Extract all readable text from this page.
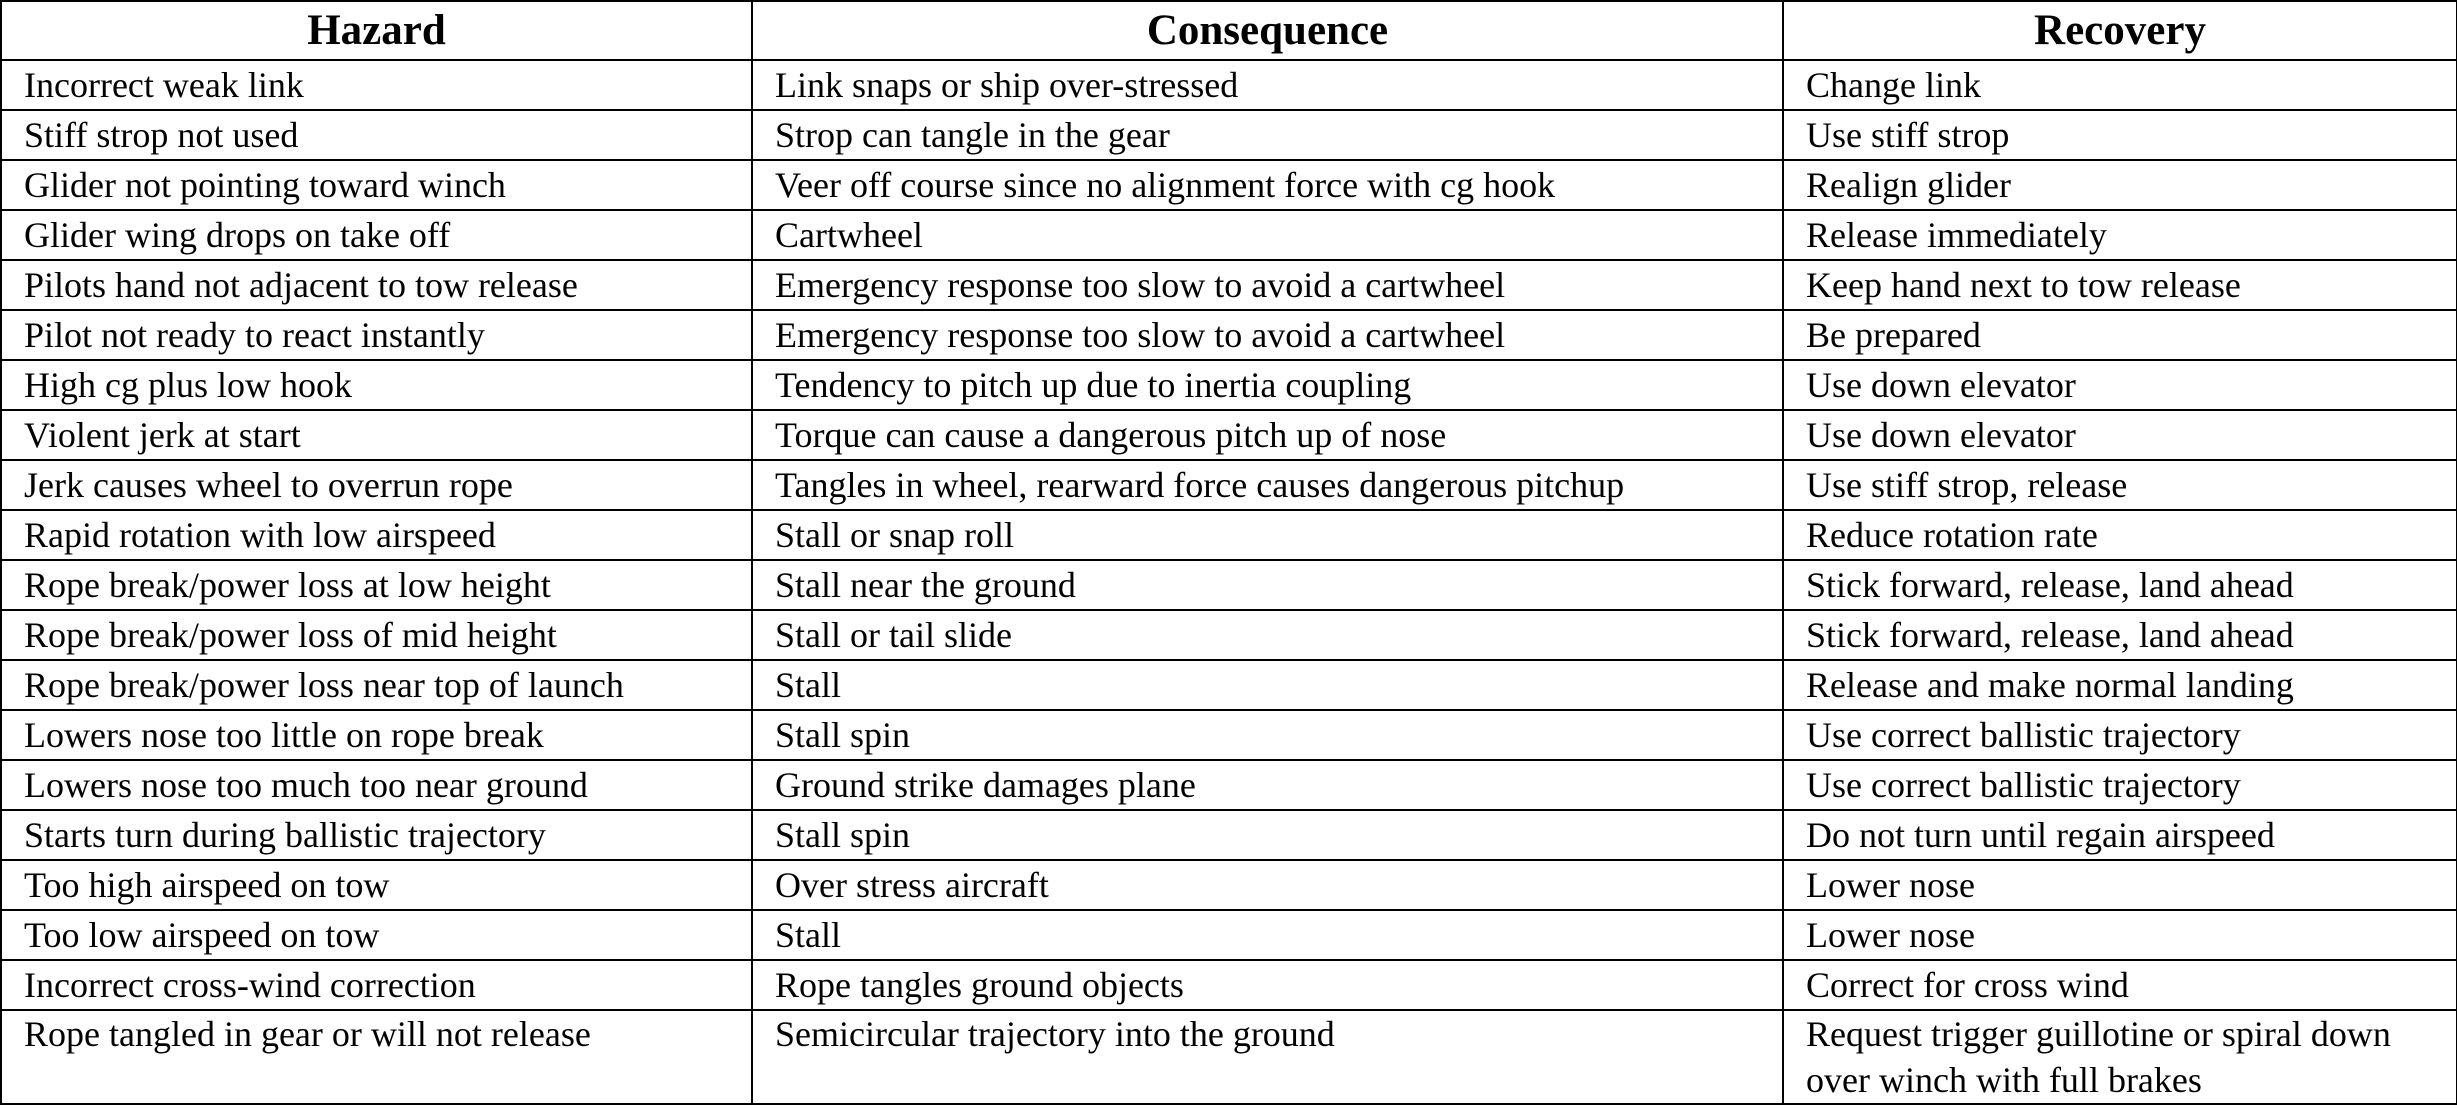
Hazard	Consequence	Recovery
Incorrect weak link	Link snaps or ship over-stressed	Change link
Stiff strop not used	Strop can tangle in the gear	Use stiff strop
Glider not pointing toward winch	Veer off course since no alignment force with cg hook	Realign glider
Glider wing drops on take off	Cartwheel	Release immediately
Pilots hand not adjacent to tow release	Emergency response too slow to avoid a cartwheel	Keep hand next to tow release
Pilot not ready to react instantly	Emergency response too slow to avoid a cartwheel	Be prepared
High cg plus low hook	Tendency to pitch up due to inertia coupling	Use down elevator
Violent jerk at start	Torque can cause a dangerous pitch up of nose	Use down elevator
Jerk causes wheel to overrun rope	Tangles in wheel, rearward force causes dangerous pitchup	Use stiff strop, release
Rapid rotation with low airspeed	Stall or snap roll	Reduce rotation rate
Rope break/power loss at low height	Stall near the ground	Stick forward, release, land ahead
Rope break/power loss of mid height	Stall or tail slide	Stick forward, release, land ahead
Rope break/power loss near top of launch	Stall	Release and make normal landing
Lowers nose too little on rope break	Stall spin	Use correct ballistic trajectory
Lowers nose too much too near ground	Ground strike damages plane	Use correct ballistic trajectory
Starts turn during ballistic trajectory	Stall spin	Do not turn until regain airspeed
Too high airspeed on tow	Over stress aircraft	Lower nose
Too low airspeed on tow	Stall	Lower nose
Incorrect cross-wind correction	Rope tangles ground objects	Correct for cross wind
Rope tangled in gear or will not release	Semicircular trajectory into the ground	Request trigger guillotine or spiral down over winch with full brakes
